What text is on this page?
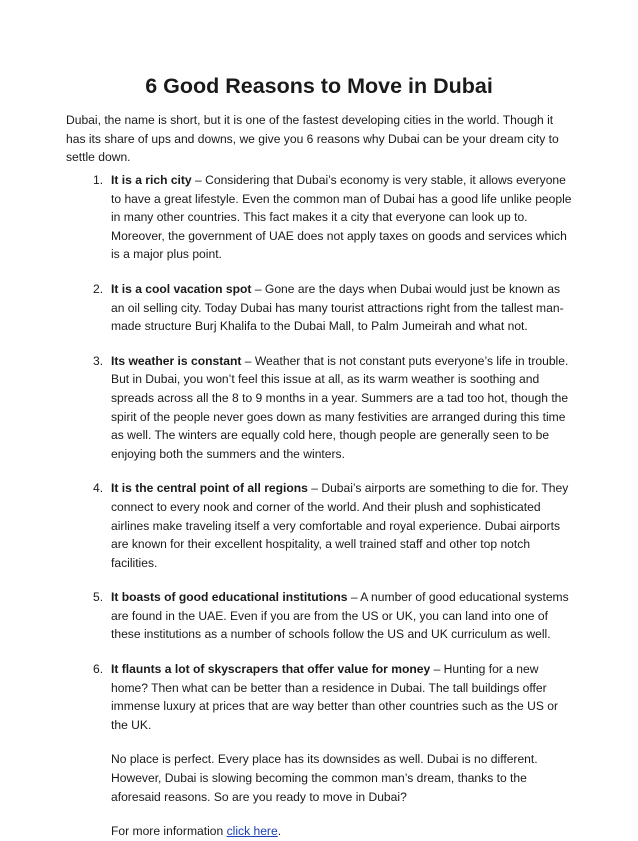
6 Good Reasons to Move in Dubai

Dubai, the name is short, but it is one of the fastest developing cities in the world. Though it has its share of ups and downs, we give you 6 reasons why Dubai can be your dream city to settle down.

1. It is a rich city – Considering that Dubai’s economy is very stable, it allows everyone to have a great lifestyle. Even the common man of Dubai has a good life unlike people in many other countries. This fact makes it a city that everyone can look up to. Moreover, the government of UAE does not apply taxes on goods and services which is a major plus point.
2. It is a cool vacation spot – Gone are the days when Dubai would just be known as an oil selling city. Today Dubai has many tourist attractions right from the tallest man-made structure Burj Khalifa to the Dubai Mall, to Palm Jumeirah and what not.
3. Its weather is constant – Weather that is not constant puts everyone’s life in trouble. But in Dubai, you won’t feel this issue at all, as its warm weather is soothing and spreads across all the 8 to 9 months in a year. Summers are a tad too hot, though the spirit of the people never goes down as many festivities are arranged during this time as well. The winters are equally cold here, though people are generally seen to be enjoying both the summers and the winters.
4. It is the central point of all regions – Dubai’s airports are something to die for. They connect to every nook and corner of the world. And their plush and sophisticated airlines make traveling itself a very comfortable and royal experience. Dubai airports are known for their excellent hospitality, a well trained staff and other top notch facilities.
5. It boasts of good educational institutions – A number of good educational systems are found in the UAE. Even if you are from the US or UK, you can land into one of these institutions as a number of schools follow the US and UK curriculum as well.
6. It flaunts a lot of skyscrapers that offer value for money – Hunting for a new home? Then what can be better than a residence in Dubai. The tall buildings offer immense luxury at prices that are way better than other countries such as the US or the UK.

No place is perfect. Every place has its downsides as well. Dubai is no different. However, Dubai is slowing becoming the common man’s dream, thanks to the aforesaid reasons. So are you ready to move in Dubai?

For more information click here.
